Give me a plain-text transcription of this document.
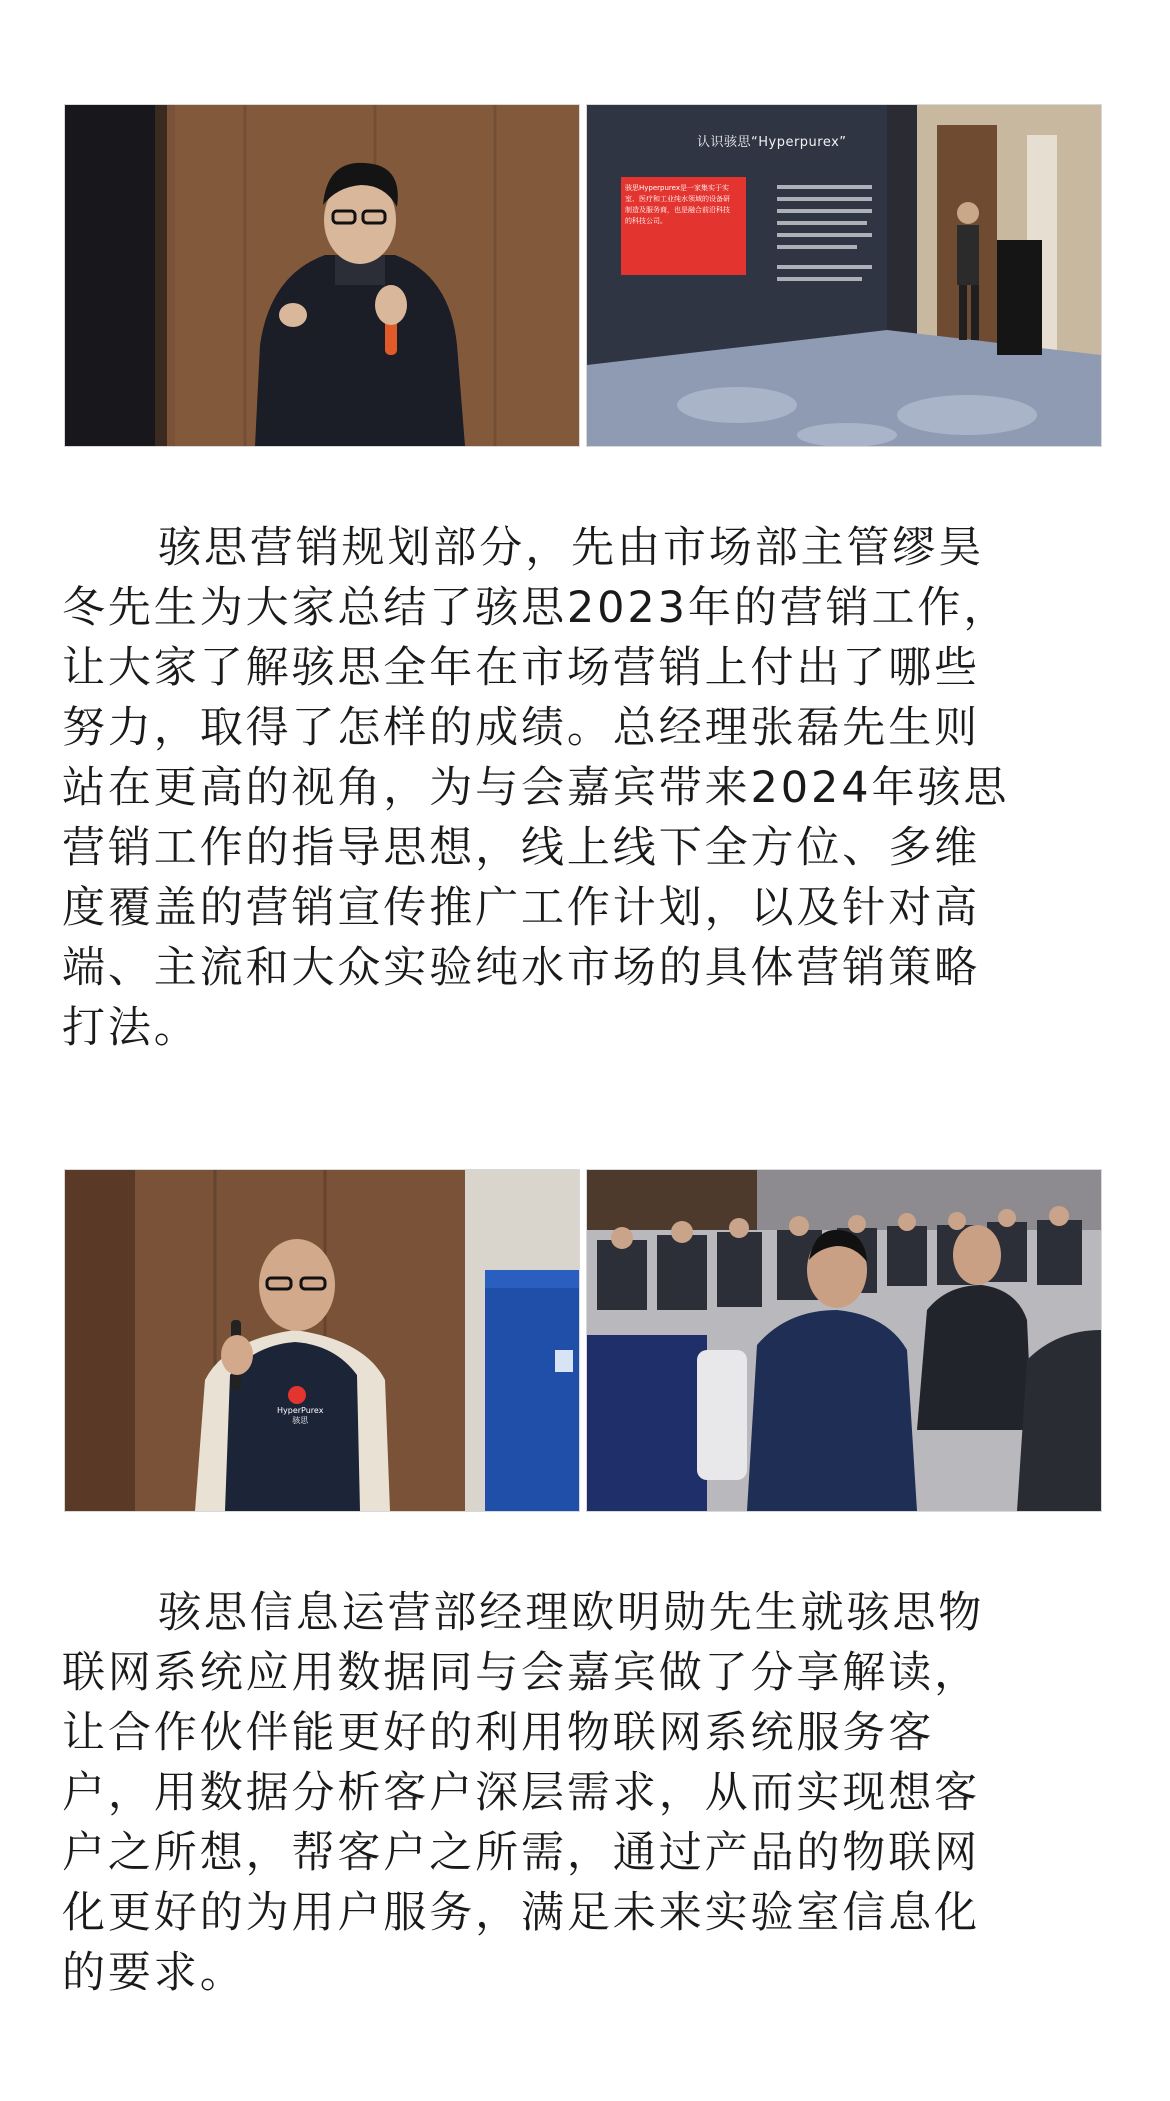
认识骇思“Hyperpurex”
骇思Hyperpurex是一家集实于实
室、医疗和工业纯水领域的设备研
制造及服务商，也是融合前沿科技
的科技公司。

骇思营销规划部分，先由市场部主管缪昊
冬先生为大家总结了骇思2023年的营销工作，
让大家了解骇思全年在市场营销上付出了哪些
努力，取得了怎样的成绩。总经理张磊先生则
站在更高的视角，为与会嘉宾带来2024年骇思
营销工作的指导思想，线上线下全方位、多维
度覆盖的营销宣传推广工作计划，以及针对高
端、主流和大众实验纯水市场的具体营销策略
打法。

HyperPurex
骇思

骇思信息运营部经理欧明勋先生就骇思物
联网系统应用数据同与会嘉宾做了分享解读，
让合作伙伴能更好的利用物联网系统服务客
户，用数据分析客户深层需求，从而实现想客
户之所想，帮客户之所需，通过产品的物联网
化更好的为用户服务，满足未来实验室信息化
的要求。
